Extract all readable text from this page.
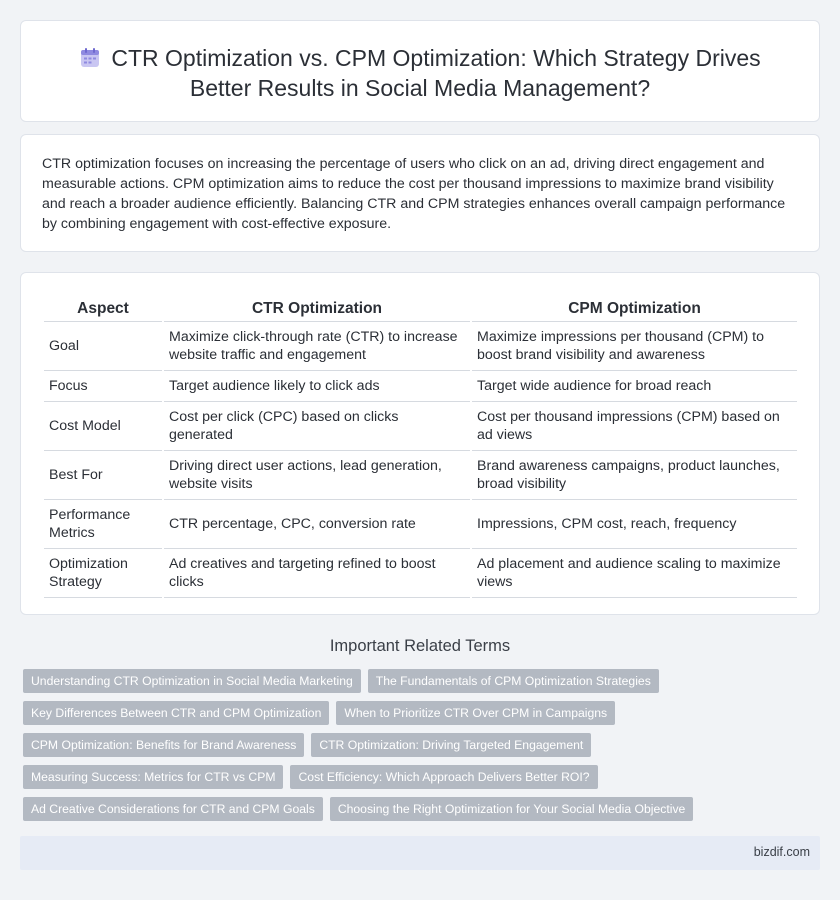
CTR Optimization vs. CPM Optimization: Which Strategy Drives Better Results in Social Media Management?

CTR optimization focuses on increasing the percentage of users who click on an ad, driving direct engagement and measurable actions. CPM optimization aims to reduce the cost per thousand impressions to maximize brand visibility and reach a broader audience efficiently. Balancing CTR and CPM strategies enhances overall campaign performance by combining engagement with cost-effective exposure.

Aspect	CTR Optimization	CPM Optimization
Goal	Maximize click-through rate (CTR) to increase website traffic and engagement	Maximize impressions per thousand (CPM) to boost brand visibility and awareness
Focus	Target audience likely to click ads	Target wide audience for broad reach
Cost Model	Cost per click (CPC) based on clicks generated	Cost per thousand impressions (CPM) based on ad views
Best For	Driving direct user actions, lead generation, website visits	Brand awareness campaigns, product launches, broad visibility
Performance Metrics	CTR percentage, CPC, conversion rate	Impressions, CPM cost, reach, frequency
Optimization Strategy	Ad creatives and targeting refined to boost clicks	Ad placement and audience scaling to maximize views
Important Related Terms
Understanding CTR Optimization in Social Media Marketing	The Fundamentals of CPM Optimization Strategies
Key Differences Between CTR and CPM Optimization	When to Prioritize CTR Over CPM in Campaigns
CPM Optimization: Benefits for Brand Awareness	CTR Optimization: Driving Targeted Engagement
Measuring Success: Metrics for CTR vs CPM	Cost Efficiency: Which Approach Delivers Better ROI?
Ad Creative Considerations for CTR and CPM Goals	Choosing the Right Optimization for Your Social Media Objective
bizdif.com
